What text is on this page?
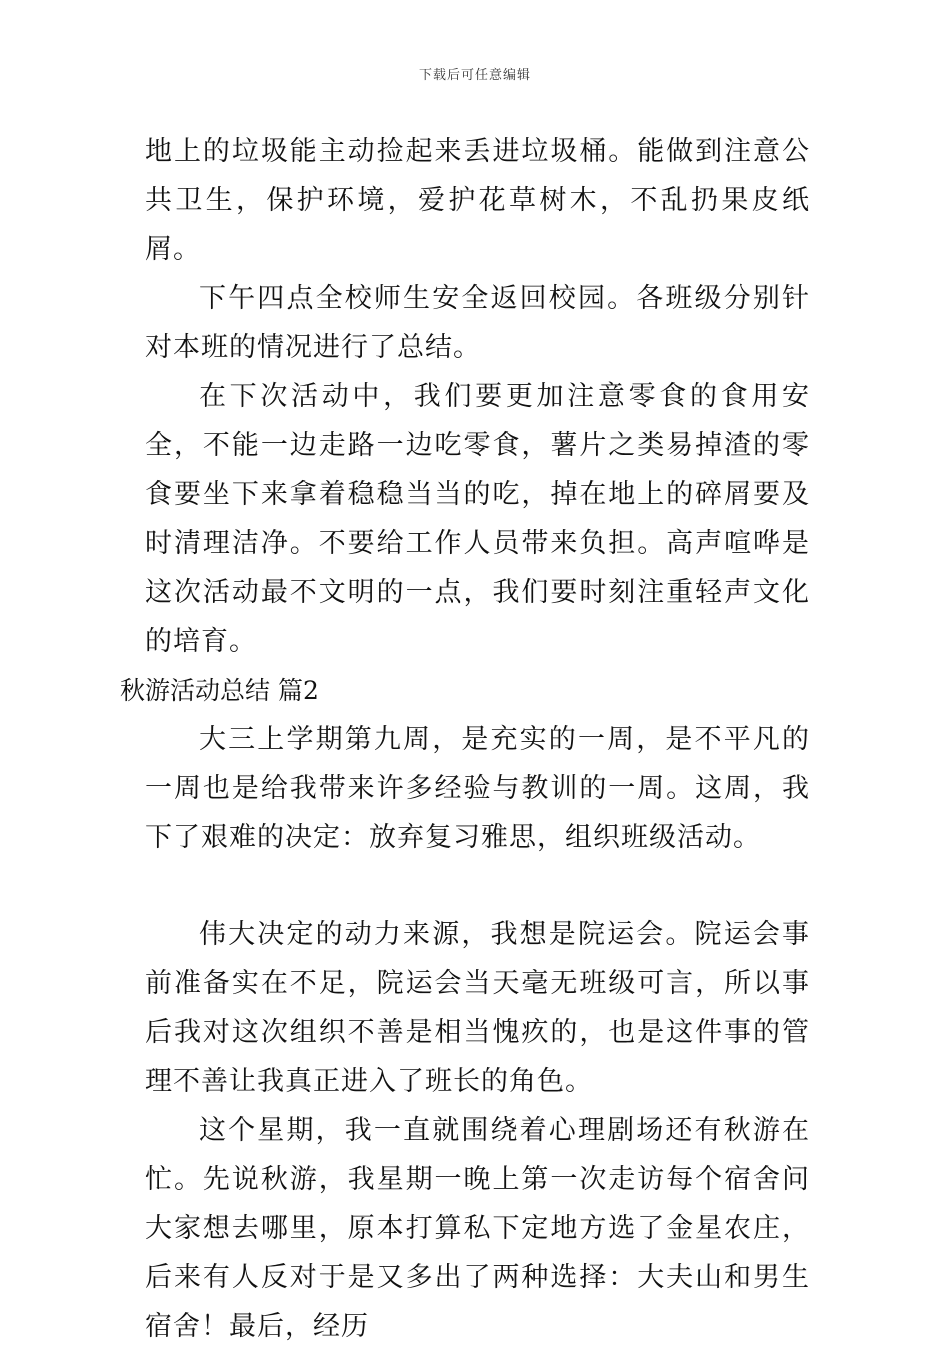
下载后可任意编辑

地上的垃圾能主动捡起来丢进垃圾桶。能做到注意公共卫生，保护环境，爱护花草树木，不乱扔果皮纸屑。

下午四点全校师生安全返回校园。各班级分别针对本班的情况进行了总结。

在下次活动中，我们要更加注意零食的食用安全，不能一边走路一边吃零食，薯片之类易掉渣的零食要坐下来拿着稳稳当当的吃，掉在地上的碎屑要及时清理洁净。不要给工作人员带来负担。高声喧哗是这次活动最不文明的一点，我们要时刻注重轻声文化的培育。

秋游活动总结 篇2

大三上学期第九周，是充实的一周，是不平凡的一周也是给我带来许多经验与教训的一周。这周，我下了艰难的决定：放弃复习雅思，组织班级活动。

伟大决定的动力来源，我想是院运会。院运会事前准备实在不足，院运会当天毫无班级可言，所以事后我对这次组织不善是相当愧疚的，也是这件事的管理不善让我真正进入了班长的角色。

这个星期，我一直就围绕着心理剧场还有秋游在忙。先说秋游，我星期一晚上第一次走访每个宿舍问大家想去哪里，原本打算私下定地方选了金星农庄，后来有人反对于是又多出了两种选择：大夫山和男生宿舍！最后，经历
